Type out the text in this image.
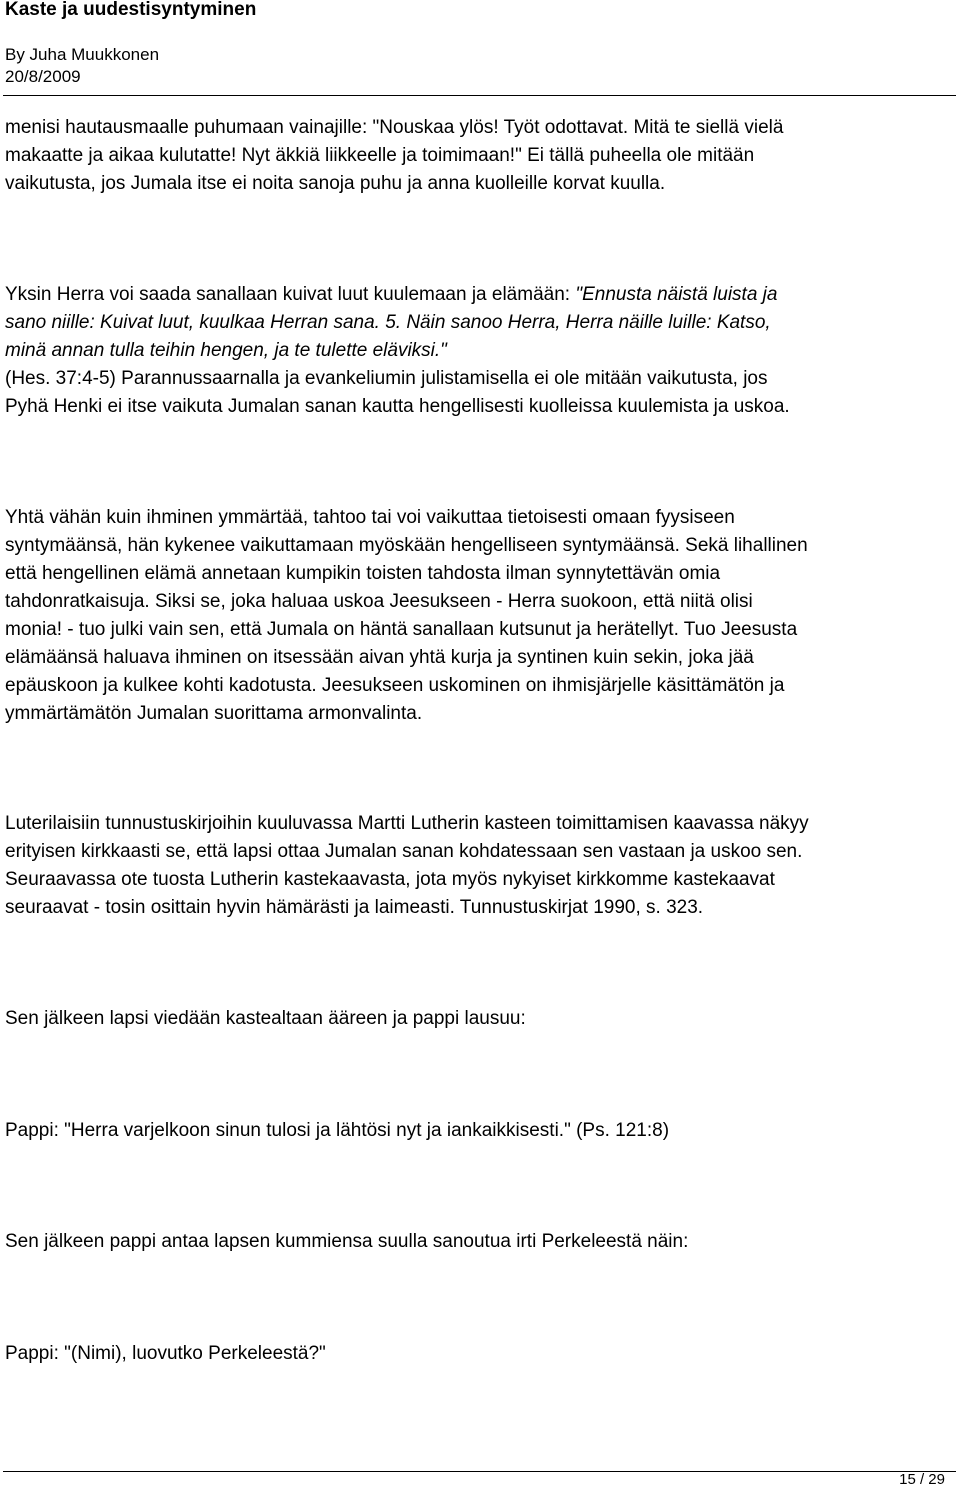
Kaste ja uudestisyntyminen
By Juha Muukkonen
20/8/2009
menisi hautausmaalle puhumaan vainajille: "Nouskaa ylös! Työt odottavat. Mitä te siellä vielä
makaatte ja aikaa kulutatte! Nyt äkkiä liikkeelle ja toimimaan!" Ei tällä puheella ole mitään
vaikutusta, jos Jumala itse ei noita sanoja puhu ja anna kuolleille korvat kuulla.
Yksin Herra voi saada sanallaan kuivat luut kuulemaan ja elämään: "Ennusta näistä luista ja
sano niille: Kuivat luut, kuulkaa Herran sana. 5. Näin sanoo Herra, Herra näille luille: Katso,
minä annan tulla teihin hengen, ja te tulette eläviksi."
(Hes. 37:4-5) Parannussaarnalla ja evankeliumin julistamisella ei ole mitään vaikutusta, jos
Pyhä Henki ei itse vaikuta Jumalan sanan kautta hengellisesti kuolleissa kuulemista ja uskoa.
Yhtä vähän kuin ihminen ymmärtää, tahtoo tai voi vaikuttaa tietoisesti omaan fyysiseen
syntymäänsä, hän kykenee vaikuttamaan myöskään hengelliseen syntymäänsä. Sekä lihallinen
että hengellinen elämä annetaan kumpikin toisten tahdosta ilman synnytettävän omia
tahdonratkaisuja. Siksi se, joka haluaa uskoa Jeesukseen - Herra suokoon, että niitä olisi
monia! - tuo julki vain sen, että Jumala on häntä sanallaan kutsunut ja herätellyt. Tuo Jeesusta
elämäänsä haluava ihminen on itsessään aivan yhtä kurja ja syntinen kuin sekin, joka jää
epäuskoon ja kulkee kohti kadotusta. Jeesukseen uskominen on ihmisjärjelle käsittämätön ja
ymmärtämätön Jumalan suorittama armonvalinta.
Luterilaisiin tunnustuskirjoihin kuuluvassa Martti Lutherin kasteen toimittamisen kaavassa näkyy
erityisen kirkkaasti se, että lapsi ottaa Jumalan sanan kohdatessaan sen vastaan ja uskoo sen.
Seuraavassa ote tuosta Lutherin kastekaavasta, jota myös nykyiset kirkkomme kastekaavat
seuraavat - tosin osittain hyvin hämärästi ja laimeasti. Tunnustuskirjat 1990, s. 323.
Sen jälkeen lapsi viedään kastealtaan ääreen ja pappi lausuu:
Pappi: "Herra varjelkoon sinun tulosi ja lähtösi nyt ja iankaikkisesti." (Ps. 121:8)
Sen jälkeen pappi antaa lapsen kummiensa suulla sanoutua irti Perkeleestä näin:
Pappi: "(Nimi), luovutko Perkeleestä?"
15 / 29
